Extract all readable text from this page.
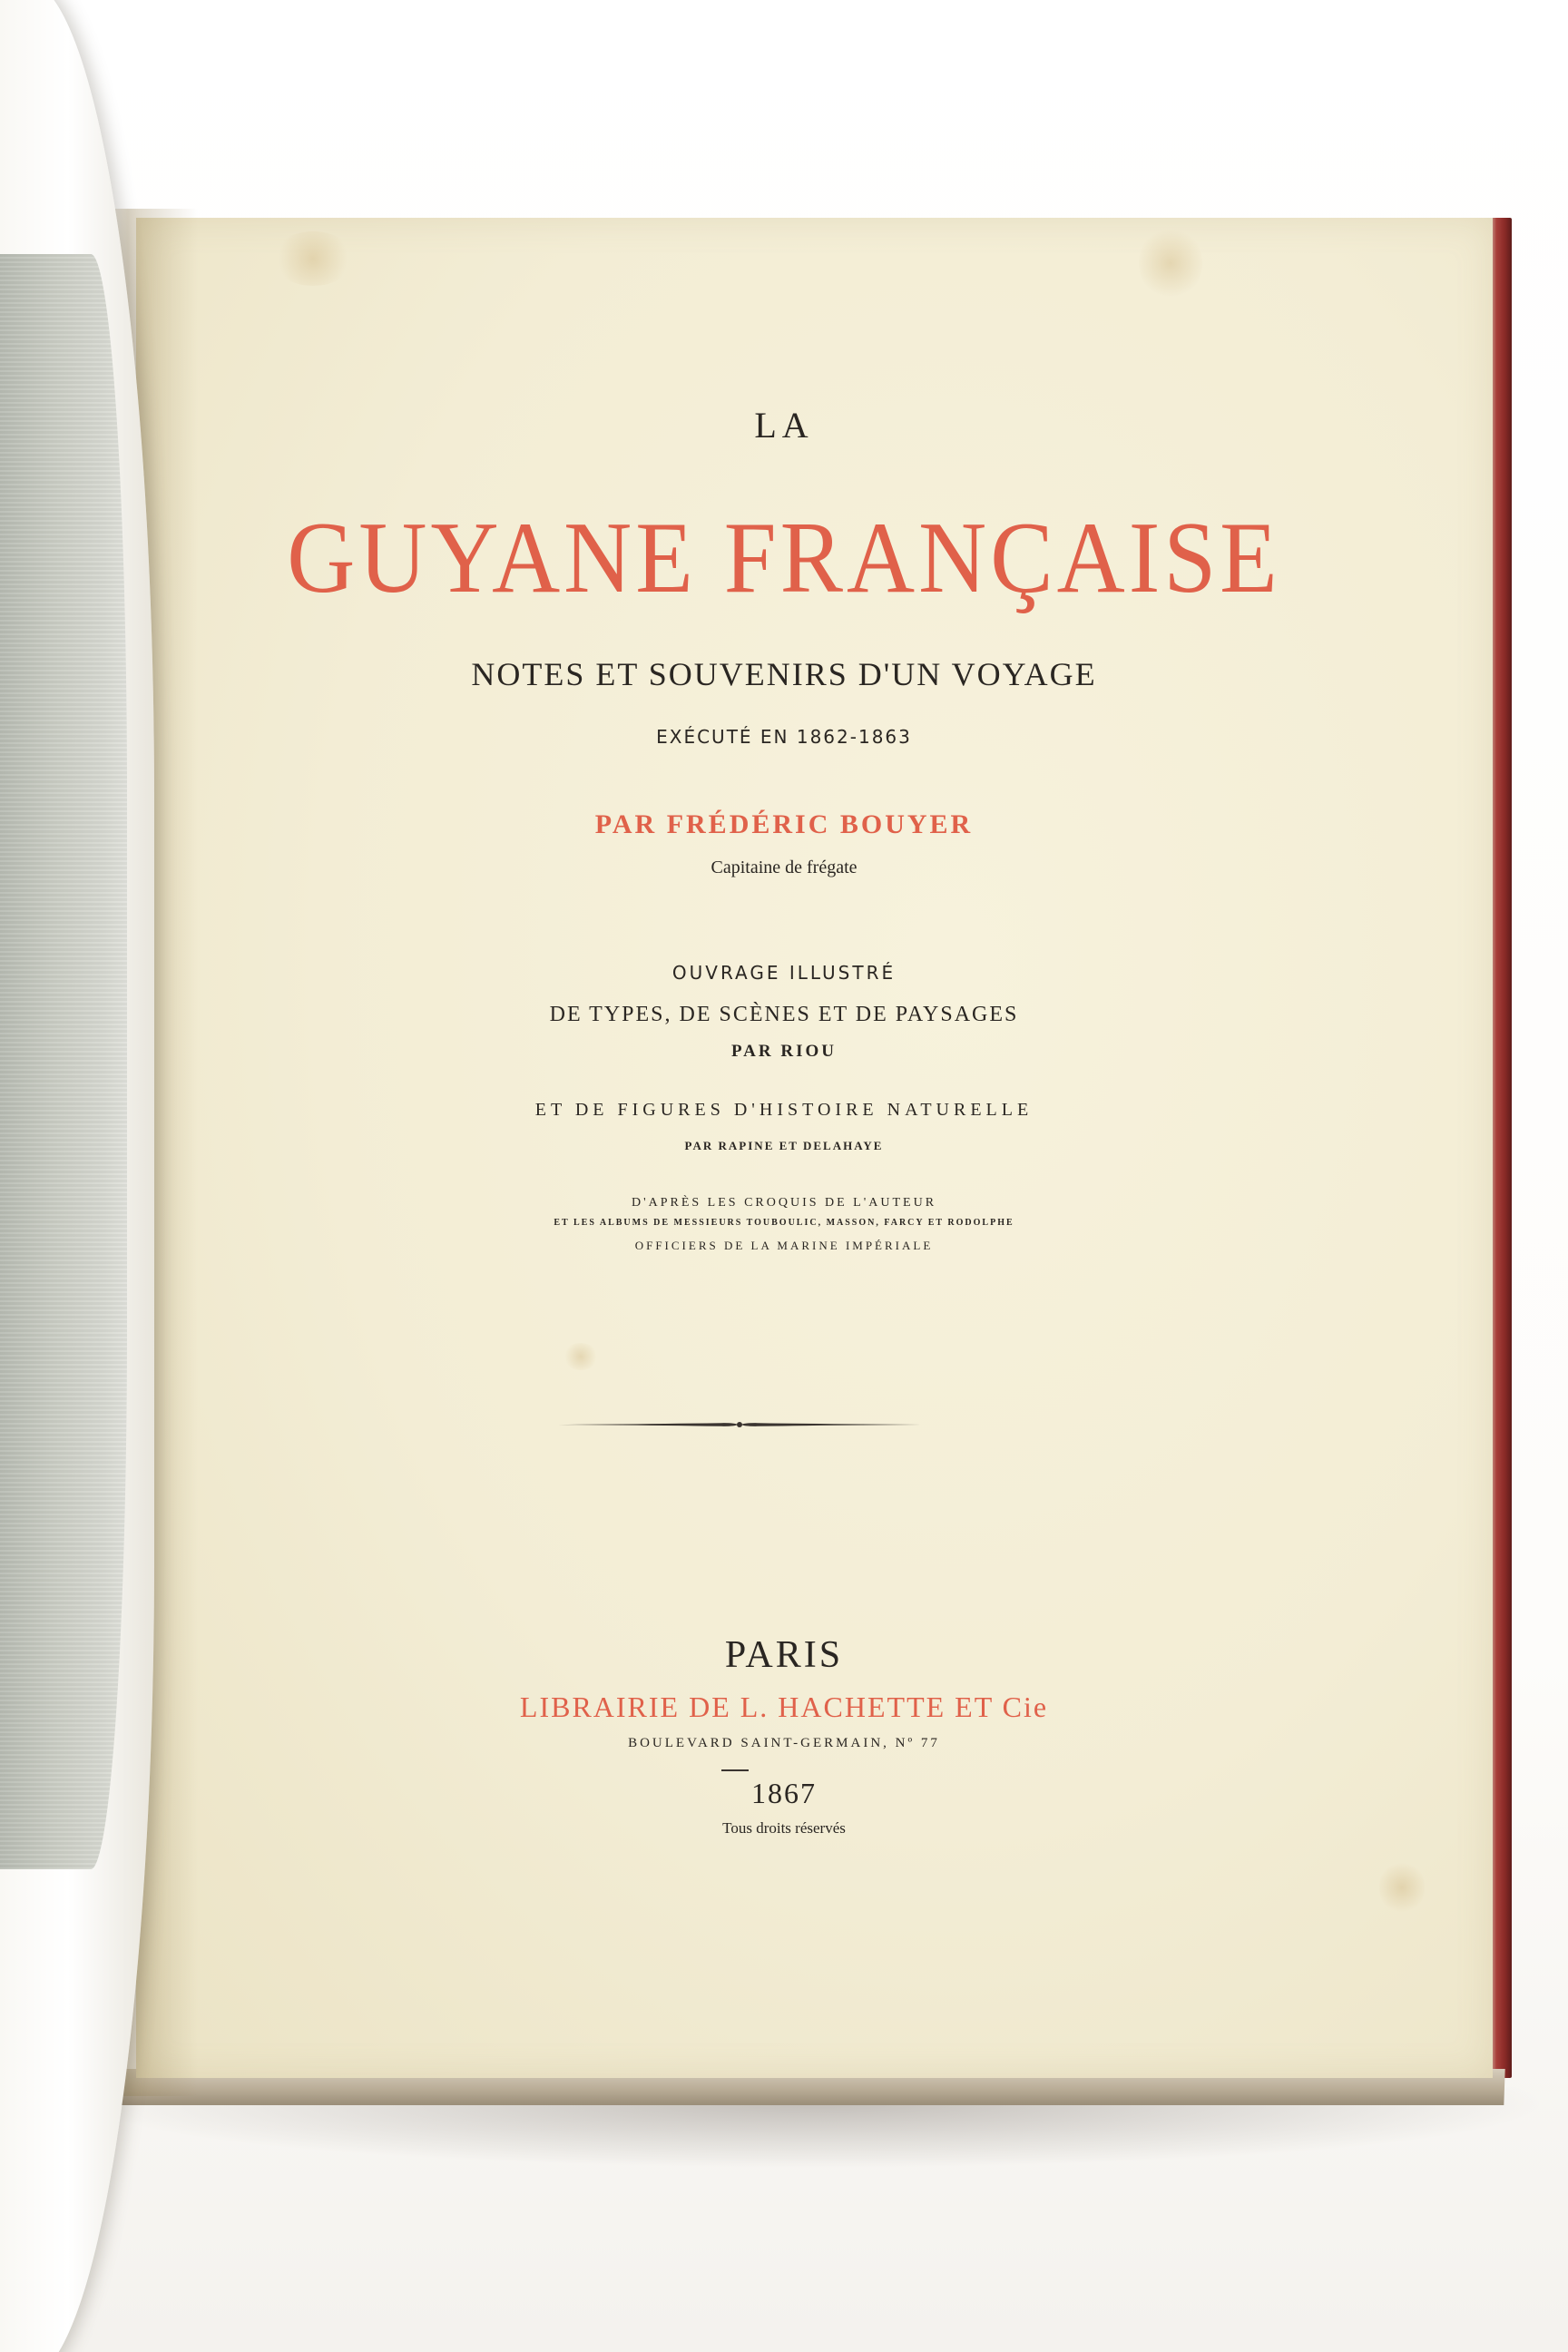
LA
GUYANE FRANÇAISE
NOTES ET SOUVENIRS D'UN VOYAGE
EXÉCUTÉ EN 1862-1863
PAR FRÉDÉRIC BOUYER
Capitaine de frégate
OUVRAGE ILLUSTRÉ
DE TYPES, DE SCÈNES ET DE PAYSAGES
PAR RIOU
ET DE FIGURES D'HISTOIRE NATURELLE
PAR RAPINE ET DELAHAYE
D'APRÈS LES CROQUIS DE L'AUTEUR
ET LES ALBUMS DE MESSIEURS TOUBOULIC, MASSON, FARCY ET RODOLPHE
OFFICIERS DE LA MARINE IMPÉRIALE
PARIS
LIBRAIRIE DE L. HACHETTE ET Cie
BOULEVARD SAINT-GERMAIN, Nº 77
1867
Tous droits réservés
